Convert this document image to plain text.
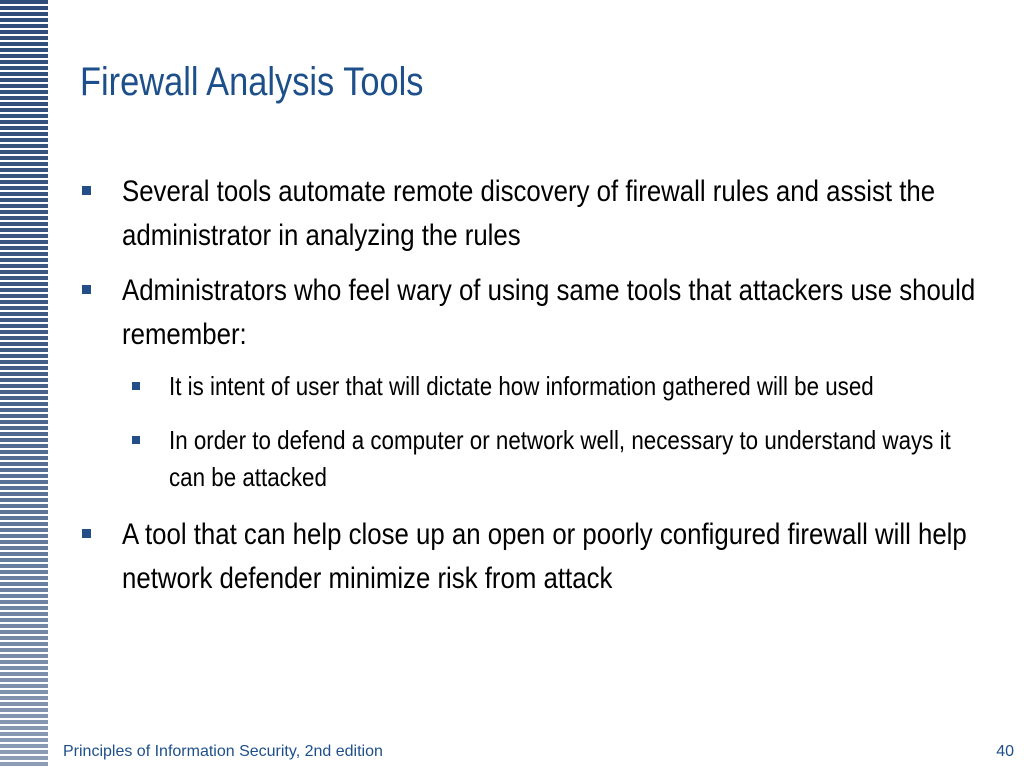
Firewall Analysis Tools
Several tools automate remote discovery of firewall rules and assist the administrator in analyzing the rules
Administrators who feel wary of using same tools that attackers use should remember:
It is intent of user that will dictate how information gathered will be used
In order to defend a computer or network well, necessary to understand ways it can be attacked
A tool that can help close up an open or poorly configured firewall will help network defender minimize risk from attack
Principles of Information Security, 2nd edition	40
